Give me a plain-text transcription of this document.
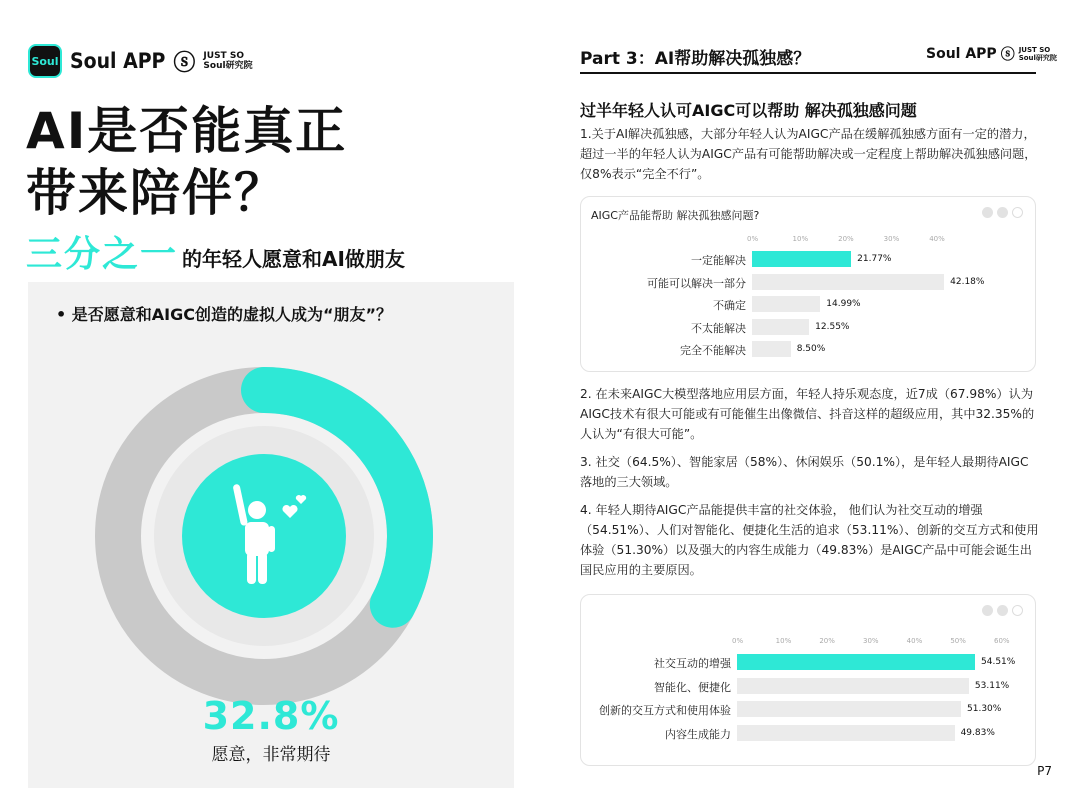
Soul Soul APP ⓢ JUST SO
Soul研究院
AI是否能真正
带来陪伴？
三分之一 的年轻人愿意和AI做朋友
• 是否愿意和AIGC创造的虚拟人成为“朋友”？
32.8%
愿意，非常期待
Part 3：AI帮助解决孤独感？	Soul APP ⓢ JUST SO
Soul研究院
过半年轻人认可AIGC可以帮助 解决孤独感问题
1.关于AI解决孤独感，大部分年轻人认为AIGC产品在缓解孤独感方面有一定的潜力，超过一半的年轻人认为AIGC产品有可能帮助解决或一定程度上帮助解决孤独感问题，仅8%表示“完全不行”。
AIGC产品能帮助 解决孤独感问题?
0%	10%	20%	30%	40%
一定能解决	21.77%
可能可以解决一部分	42.18%
不确定	14.99%
不太能解决	12.55%
完全不能解决	8.50%
2. 在未来AIGC大模型落地应用层方面，年轻人持乐观态度，近7成（67.98%）认为AIGC技术有很大可能或有可能催生出像微信、抖音这样的超级应用，其中32.35%的人认为“有很大可能”。
3. 社交（64.5%）、智能家居（58%）、休闲娱乐（50.1%），是年轻人最期待AIGC落地的三大领域。
4. 年轻人期待AIGC产品能提供丰富的社交体验， 他们认为社交互动的增强（54.51%）、人们对智能化、便捷化生活的追求（53.11%）、创新的交互方式和使用体验（51.30%）以及强大的内容生成能力（49.83%）是AIGC产品中可能会诞生出国民应用的主要原因。
0%	10%	20%	30%	40%	50%	60%
社交互动的增强	54.51%
智能化、便捷化	53.11%
创新的交互方式和使用体验	51.30%
内容生成能力	49.83%
P7
